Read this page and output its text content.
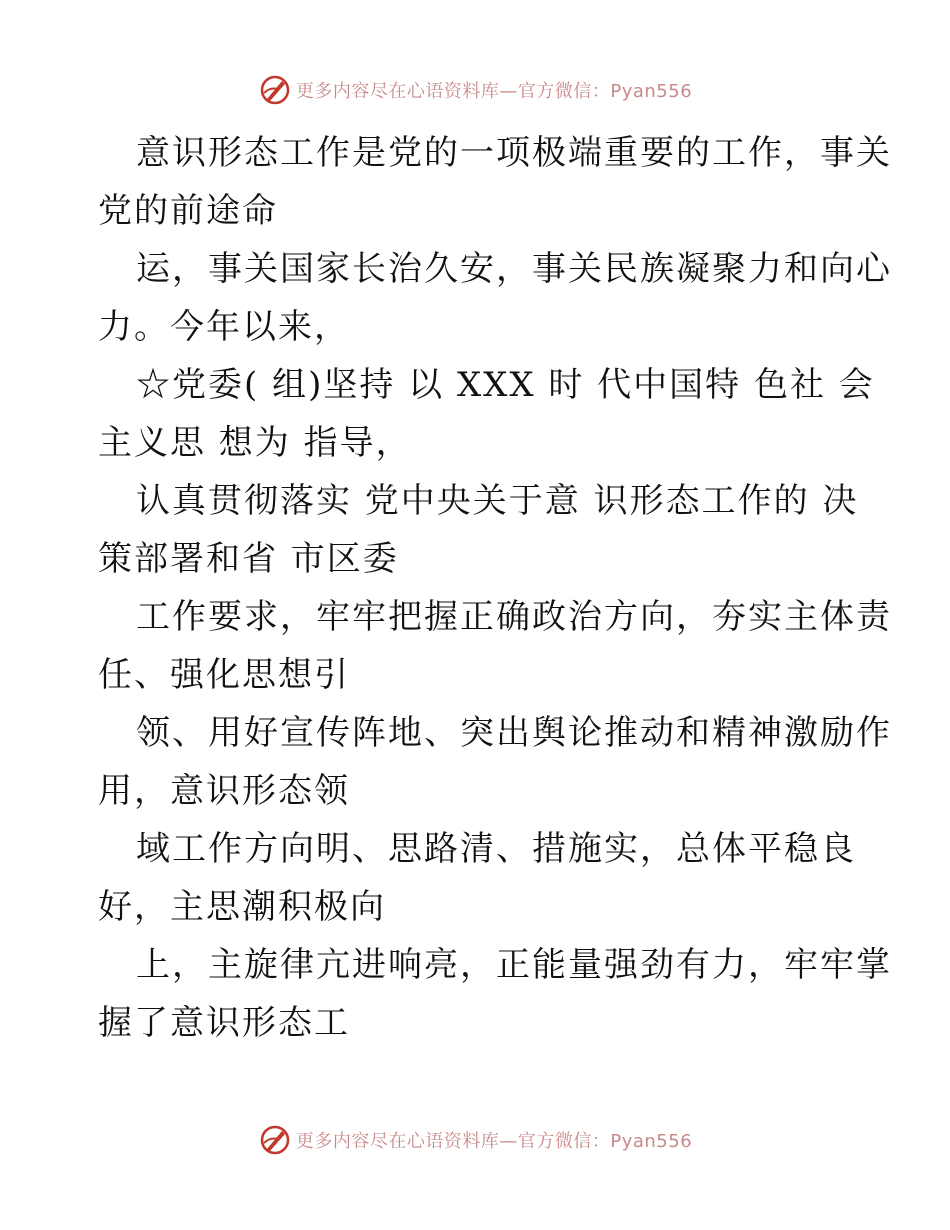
更多内容尽在心语资料库—官方微信：Pyan556

意识形态工作是党的一项极端重要的工作，事关
党的前途命

运，事关国家长治久安，事关民族凝聚力和向心
力。今年以来，

☆党委( 组)坚持 以 XXX 时 代中国特 色社 会
主义思 想为 指导，

认真贯彻落实 党中央关于意 识形态工作的 决
策部署和省 市区委

工作要求，牢牢把握正确政治方向，夯实主体责
任、强化思想引

领、用好宣传阵地、突出舆论推动和精神激励作
用，意识形态领

域工作方向明、思路清、措施实，总体平稳良
好，主思潮积极向

上，主旋律亢进响亮，正能量强劲有力，牢牢掌
握了意识形态工

更多内容尽在心语资料库—官方微信：Pyan556
